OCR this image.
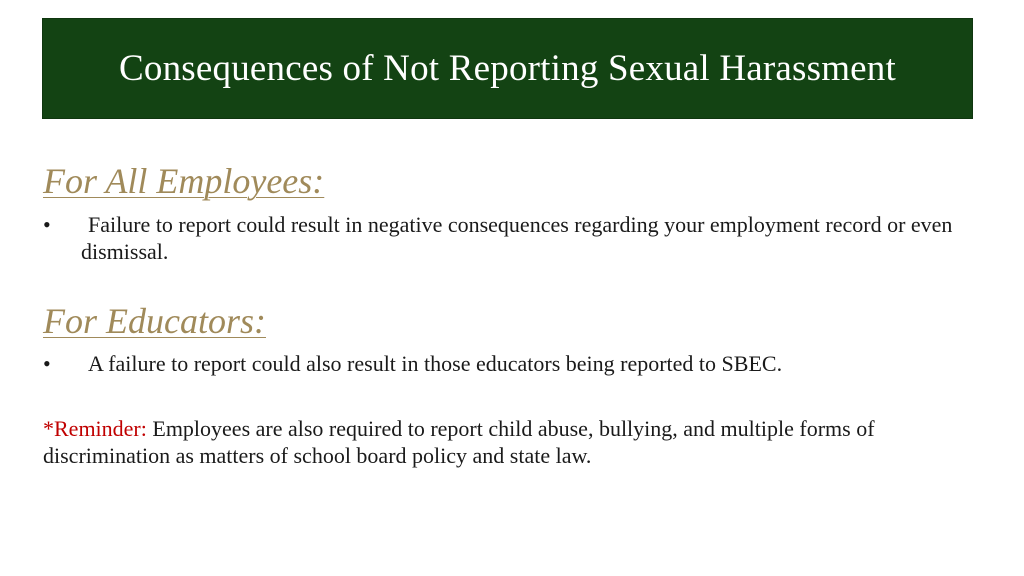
Consequences of Not Reporting Sexual Harassment
For All Employees:
•	Failure to report could result in negative consequences regarding your employment record or even dismissal.
For Educators:
•	A failure to report could also result in those educators being reported to SBEC.
*Reminder: Employees are also required to report child abuse, bullying, and multiple forms of discrimination as matters of school board policy and state law.
